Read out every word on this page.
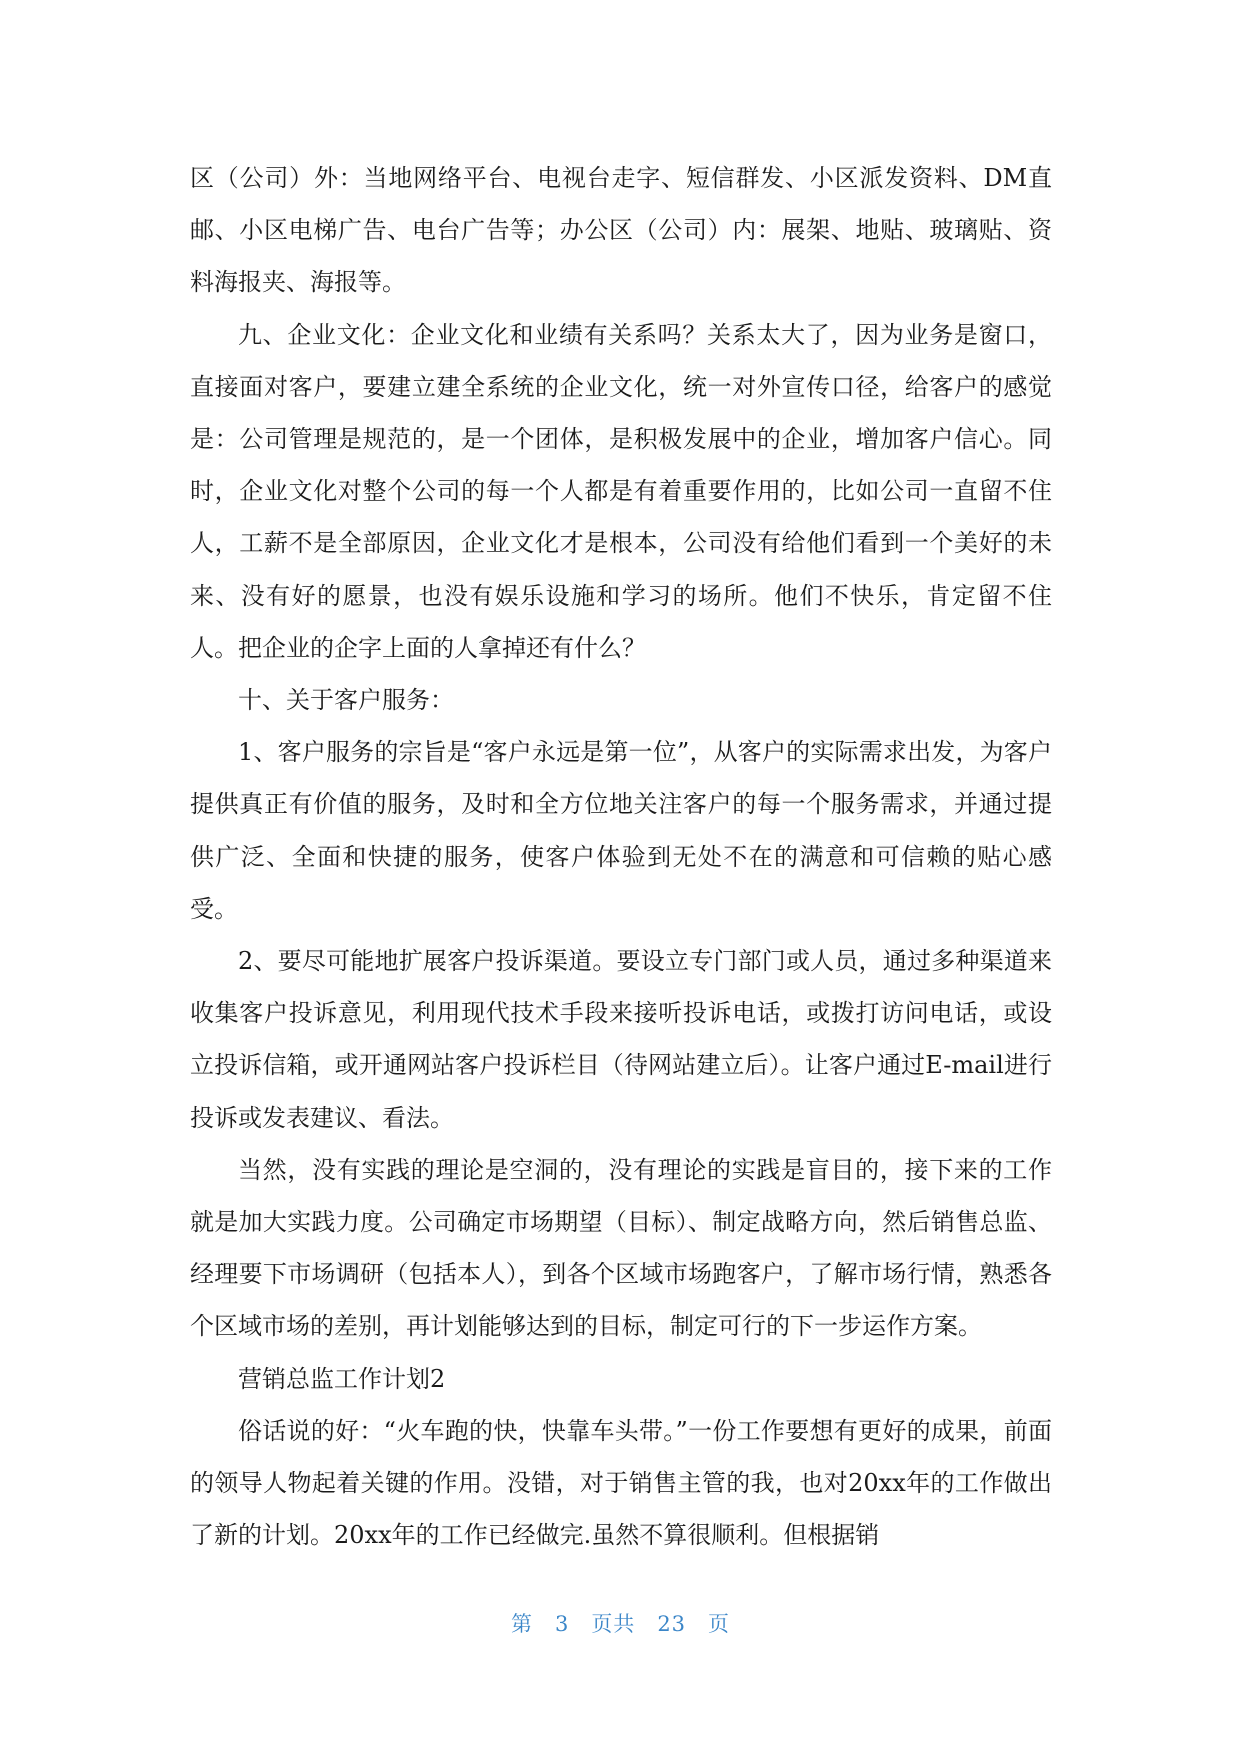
区（公司）外：当地网络平台、电视台走字、短信群发、小区派发资料、DM直邮、小区电梯广告、电台广告等；办公区（公司）内：展架、地贴、玻璃贴、资料海报夹、海报等。

九、企业文化：企业文化和业绩有关系吗？关系太大了，因为业务是窗口，直接面对客户，要建立建全系统的企业文化，统一对外宣传口径，给客户的感觉是：公司管理是规范的，是一个团体，是积极发展中的企业，增加客户信心。同时，企业文化对整个公司的每一个人都是有着重要作用的，比如公司一直留不住人，工薪不是全部原因，企业文化才是根本，公司没有给他们看到一个美好的未来、没有好的愿景，也没有娱乐设施和学习的场所。他们不快乐，肯定留不住人。把企业的企字上面的人拿掉还有什么？

十、关于客户服务：

1、客户服务的宗旨是“客户永远是第一位”，从客户的实际需求出发，为客户提供真正有价值的服务，及时和全方位地关注客户的每一个服务需求，并通过提供广泛、全面和快捷的服务，使客户体验到无处不在的满意和可信赖的贴心感受。

2、要尽可能地扩展客户投诉渠道。要设立专门部门或人员，通过多种渠道来收集客户投诉意见，利用现代技术手段来接听投诉电话，或拨打访问电话，或设立投诉信箱，或开通网站客户投诉栏目（待网站建立后）。让客户通过E-mail进行投诉或发表建议、看法。

当然，没有实践的理论是空洞的，没有理论的实践是盲目的，接下来的工作就是加大实践力度。公司确定市场期望（目标）、制定战略方向，然后销售总监、经理要下市场调研（包括本人），到各个区域市场跑客户，了解市场行情，熟悉各个区域市场的差别，再计划能够达到的目标，制定可行的下一步运作方案。

营销总监工作计划2

俗话说的好：“火车跑的快，快靠车头带。”一份工作要想有更好的成果，前面的领导人物起着关键的作用。没错，对于销售主管的我，也对20xx年的工作做出了新的计划。20xx年的工作已经做完.虽然不算很顺利。但根据销

第 3 页共 23 页
